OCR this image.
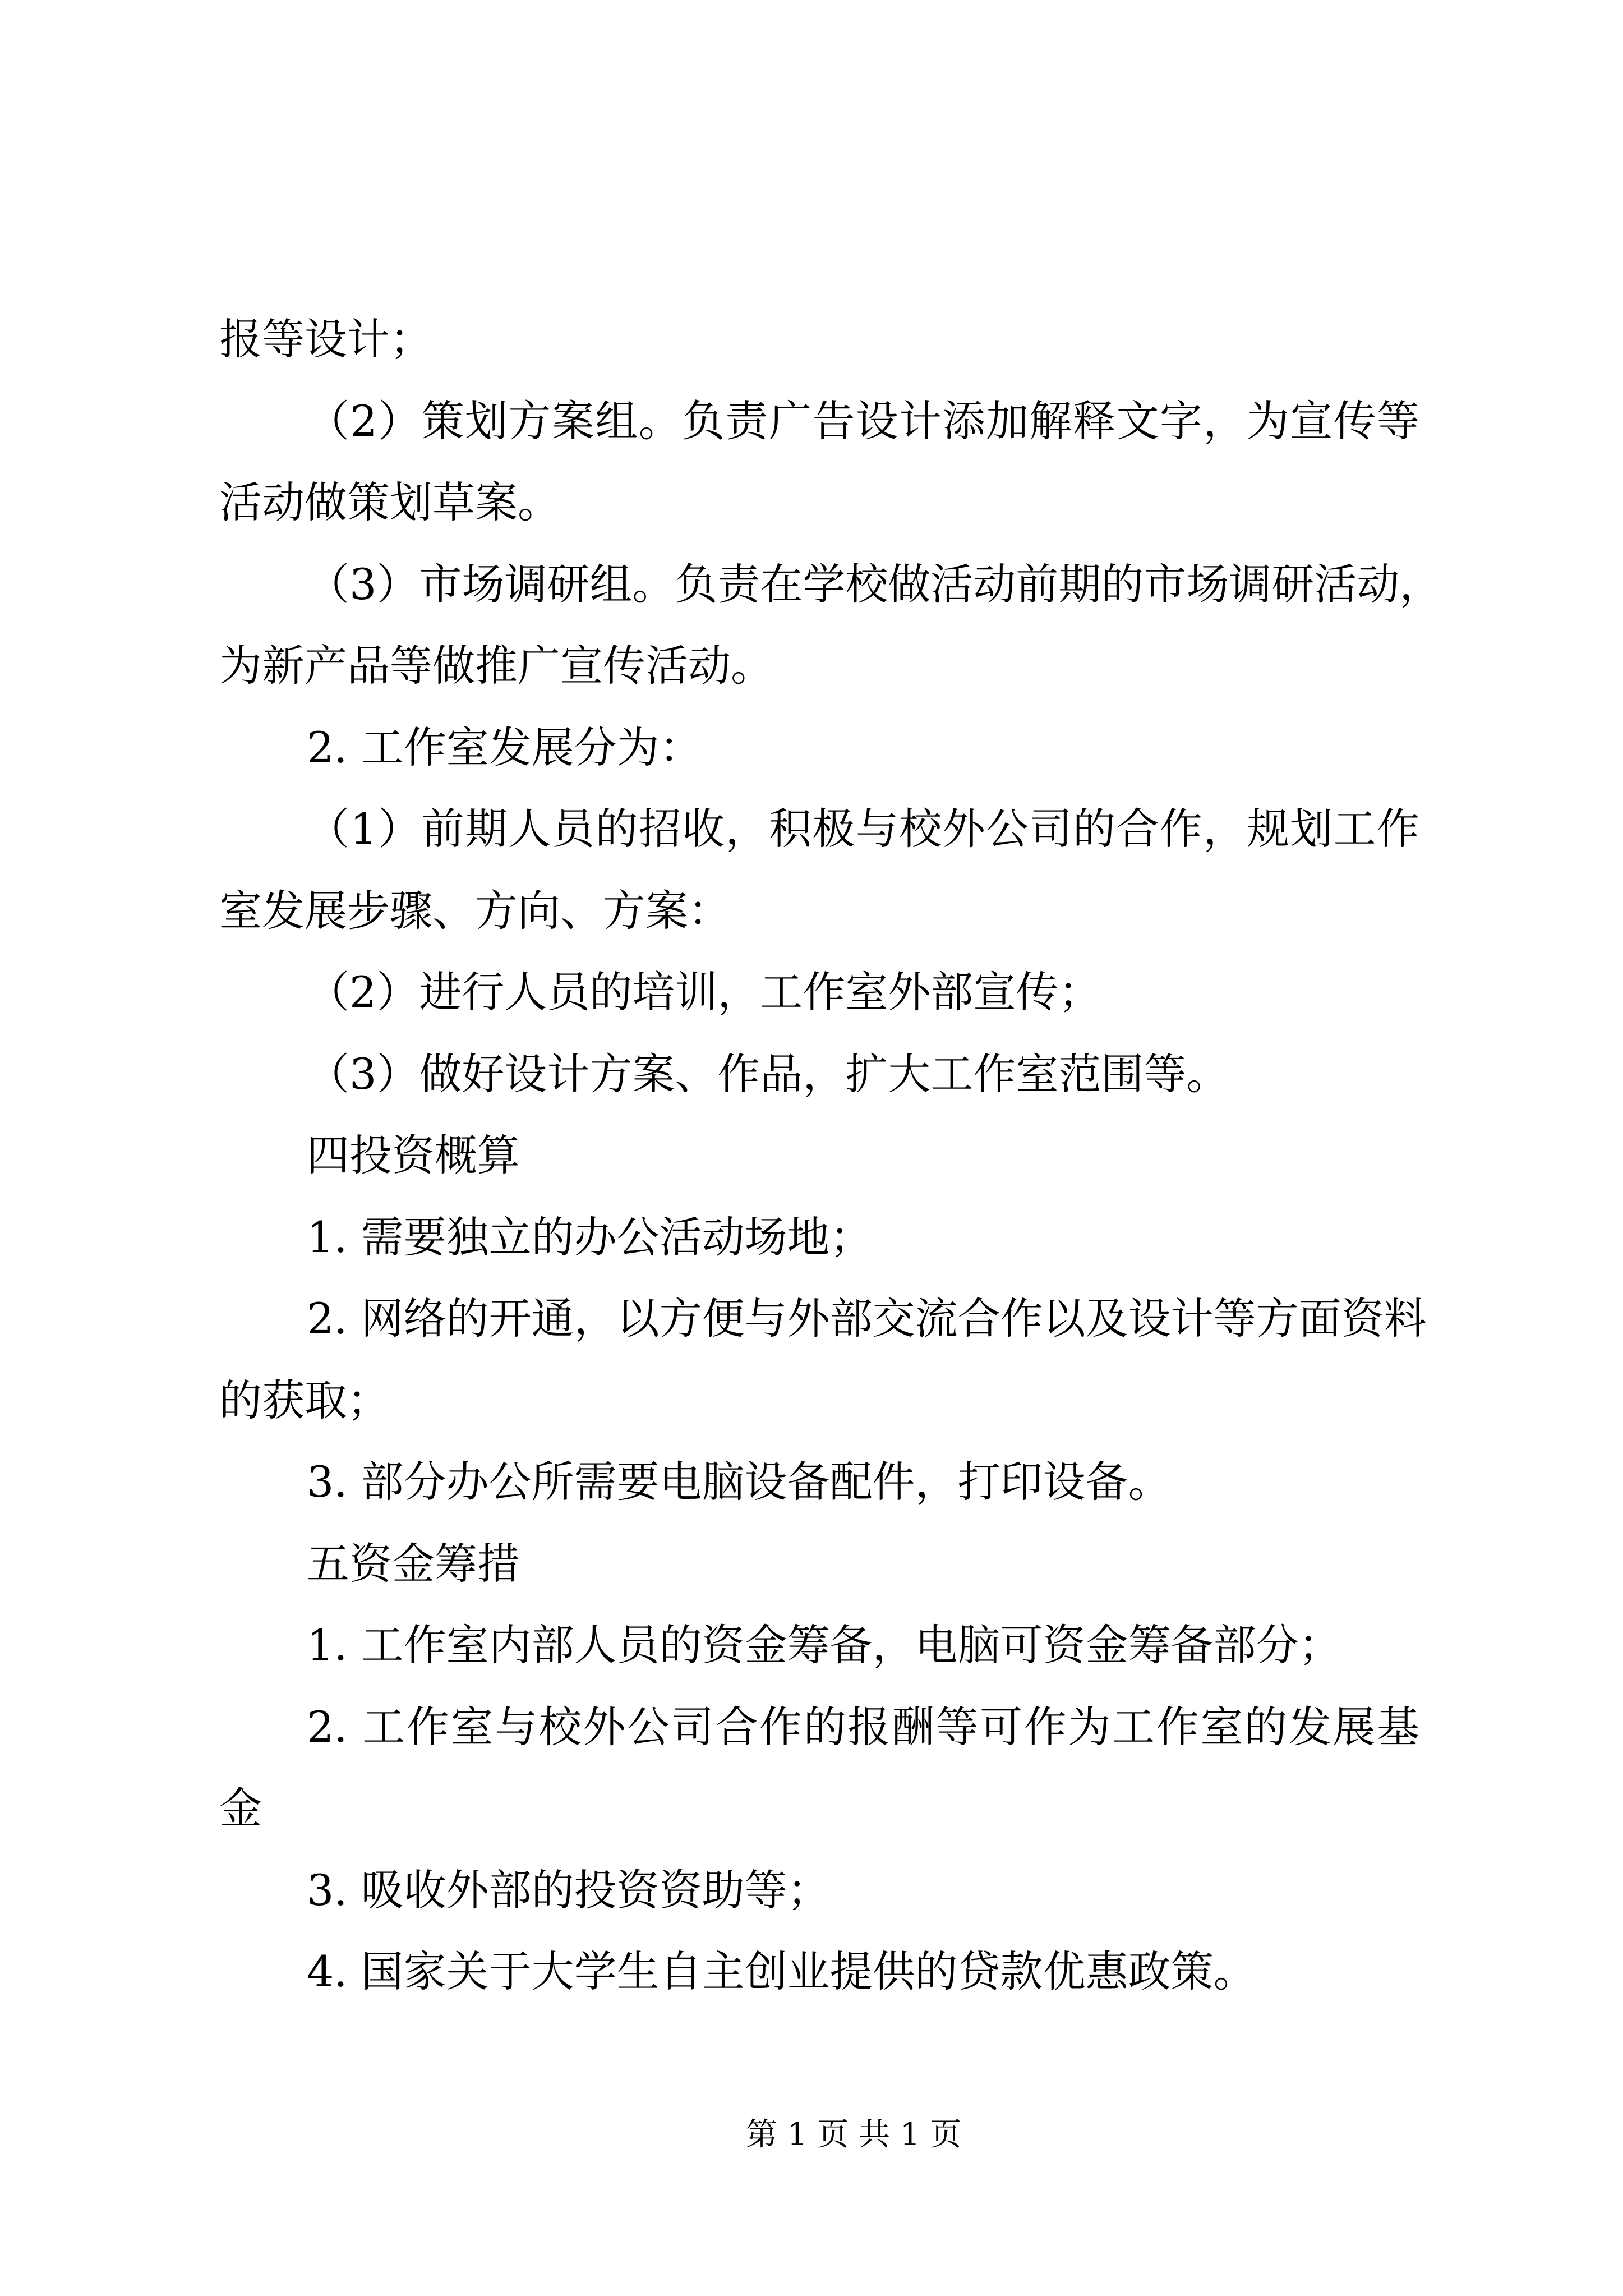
报等设计；
（2）策划方案组。负责广告设计添加解释文字，为宣传等
活动做策划草案。
（3）市场调研组。负责在学校做活动前期的市场调研活动，
为新产品等做推广宣传活动。
2. 工作室发展分为：
（1）前期人员的招收，积极与校外公司的合作，规划工作
室发展步骤、方向、方案：
（2）进行人员的培训，工作室外部宣传；
（3）做好设计方案、作品，扩大工作室范围等。
四投资概算
1. 需要独立的办公活动场地；
2. 网络的开通，以方便与外部交流合作以及设计等方面资料
的获取；
3. 部分办公所需要电脑设备配件，打印设备。
五资金筹措
1. 工作室内部人员的资金筹备，电脑可资金筹备部分；
2. 工作室与校外公司合作的报酬等可作为工作室的发展基
金
3. 吸收外部的投资资助等；
4. 国家关于大学生自主创业提供的贷款优惠政策。
第 1 页 共 1 页
